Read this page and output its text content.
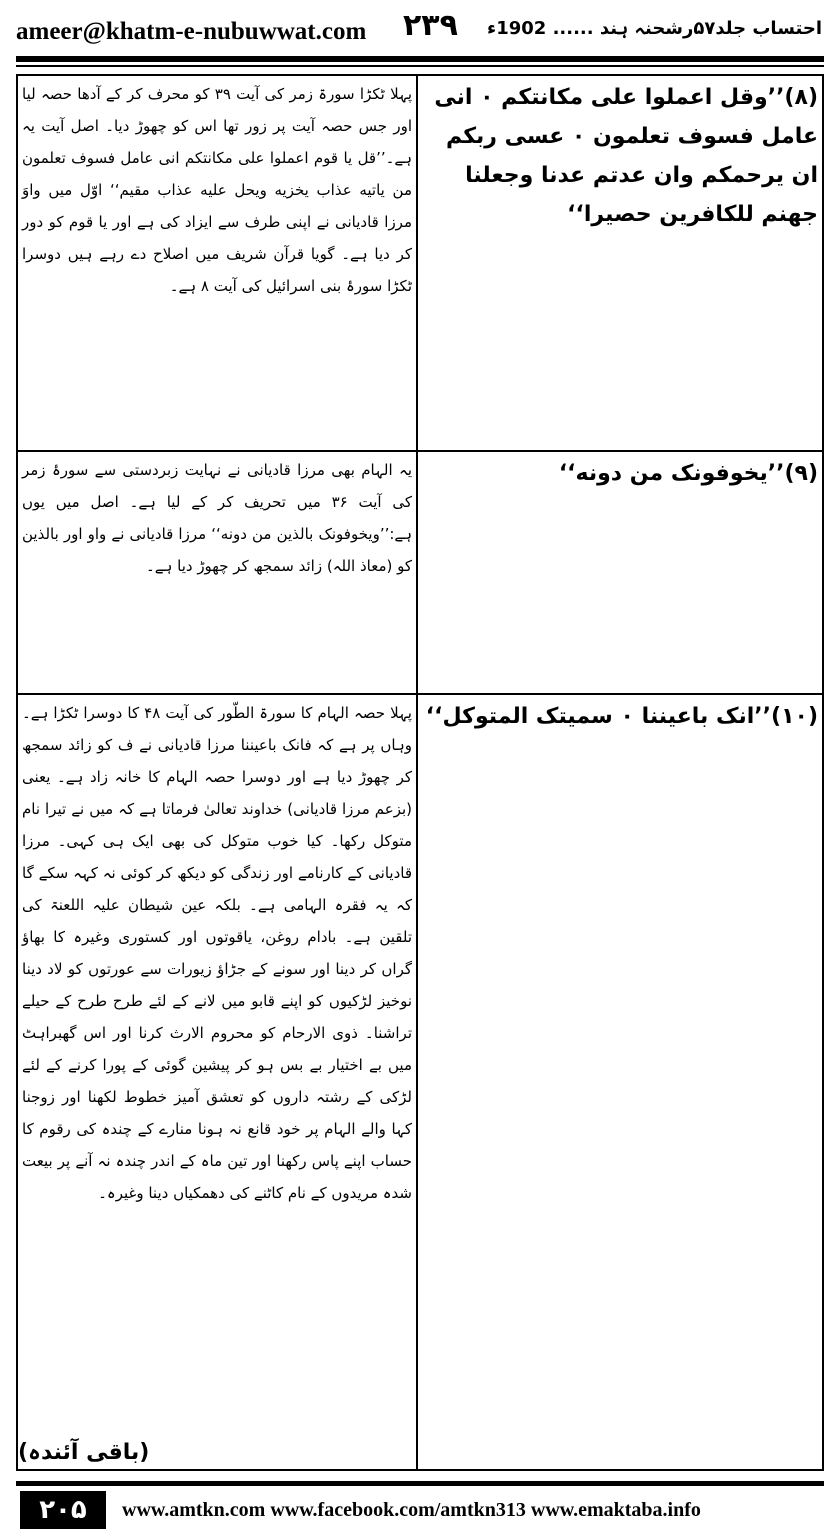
ameer@khatm-e-nubuwwat.com ۲۳۹ احتساب جلد۵۷رشحنہ ہند ...... 1902ء
پہلا ٹکڑا سورۃ زمر کی آیت ۳۹ کو محرف کر کے آدھا حصہ لیا اور جس حصہ آیت پر زور تھا اس کو چھوڑ دیا۔ اصل آیت یہ ہے۔’’قل یا قوم اعملوا علی مکانتکم انی عامل فسوف تعلمون من یاتیه عذاب یخزیه ویحل علیه عذاب مقیم‘‘ اوّل میں واوَ مرزا قادیانی نے اپنی طرف سے ایزاد کی ہے اور یا قوم کو دور کر دیا ہے۔ گویا قرآن شریف میں اصلاح دے رہے ہیں دوسرا ٹکڑا سورۂ بنی اسرائیل کی آیت ۸ ہے۔	(۸)’’وقل اعملوا علی مکانتکم ۰ انی عامل فسوف تعلمون ۰ عسی ربکم ان یرحمکم وان عدتم عدنا وجعلنا جھنم للکافرین حصیرا‘‘
یہ الہام بھی مرزا قادیانی نے نہایت زبردستی سے سورۂ زمر کی آیت ۳۶ میں تحریف کر کے لیا ہے۔ اصل میں یوں ہے:’’ویخوفونک بالذین من دونه‘‘ مرزا قادیانی نے واو اور بالذین کو (معاذ اللہ) زائد سمجھ کر چھوڑ دیا ہے۔	(۹)’’یخوفونک من دونه‘‘
پہلا حصہ الہام کا سورۃ الطّور کی آیت ۴۸ کا دوسرا ٹکڑا ہے۔ وہاں پر ہے کہ فانک باعیننا مرزا قادیانی نے ف کو زائد سمجھ کر چھوڑ دیا ہے اور دوسرا حصہ الہام کا خانہ زاد ہے۔ یعنی (بزعم مرزا قادیانی) خداوند تعالیٰ فرماتا ہے کہ میں نے تیرا نام متوکل رکھا۔ کیا خوب متوکل کی بھی ایک ہی کہی۔ مرزا قادیانی کے کارنامے اور زندگی کو دیکھ کر کوئی نہ کہہ سکے گا کہ یہ فقرہ الہامی ہے۔ بلکہ عین شیطان علیہ اللعنۃ کی تلقین ہے۔ بادام روغن، یاقوتوں اور کستوری وغیرہ کا بھاؤ گراں کر دینا اور سونے کے جڑاؤ زیورات سے عورتوں کو لاد دینا نوخیز لڑکیوں کو اپنے قابو میں لانے کے لئے طرح طرح کے حیلے تراشنا۔ ذوی الارحام کو محروم الارث کرنا اور اس گھبراہٹ میں بے اختیار بے بس ہو کر پیشین گوئی کے پورا کرنے کے لئے لڑکی کے رشتہ داروں کو تعشق آمیز خطوط لکھنا اور زوجنا کہا والے الہام پر خود قانع نہ ہونا منارے کے چندہ کی رقوم کا حساب اپنے پاس رکھنا اور تین ماہ کے اندر چندہ نہ آنے پر بیعت شدہ مریدوں کے نام کاٹنے کی دھمکیاں دینا وغیرہ۔	(۱۰)’’انک باعیننا ۰ سمیتک المتوکل‘‘
(باقی آئندہ)
۲۰۵	www.amtkn.com www.facebook.com/amtkn313 www.emaktaba.info
